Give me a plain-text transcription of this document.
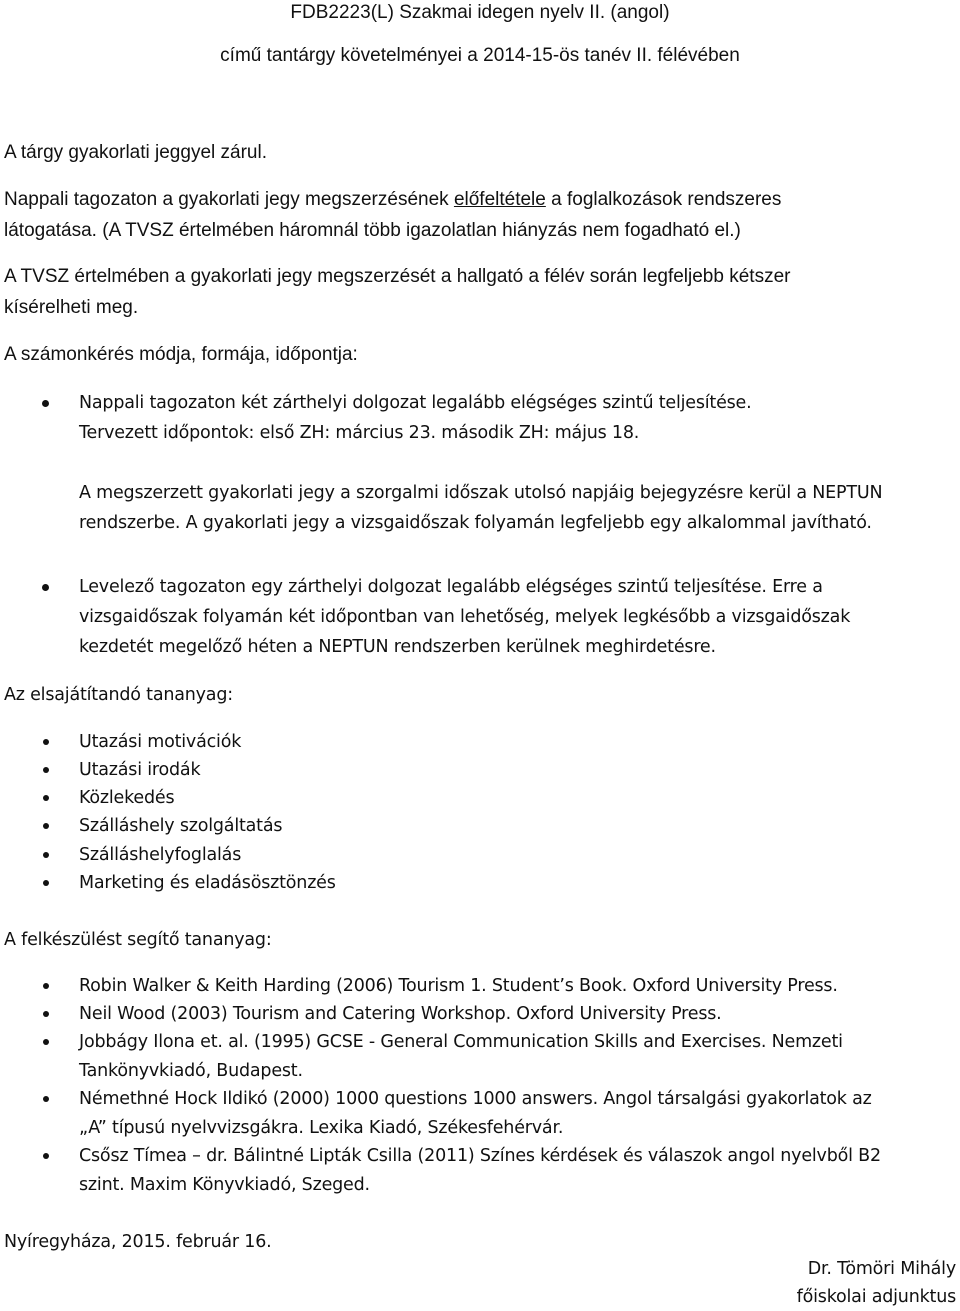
FDB2223(L) Szakmai idegen nyelv II. (angol)
című tantárgy követelményei a 2014-15-ös tanév II. félévében
A tárgy gyakorlati jeggyel zárul.
Nappali tagozaton a gyakorlati jegy megszerzésének előfeltétele a foglalkozások rendszeres
látogatása. (A TVSZ értelmében háromnál több igazolatlan hiányzás nem fogadható el.)
A TVSZ értelmében a gyakorlati jegy megszerzését a hallgató a félév során legfeljebb kétszer
kísérelheti meg.
A számonkérés módja, formája, időpontja:
Nappali tagozaton két zárthelyi dolgozat legalább elégséges szintű teljesítése.
Tervezett időpontok: első ZH: március 23. második ZH: május 18.
A megszerzett gyakorlati jegy a szorgalmi időszak utolsó napjáig bejegyzésre kerül a NEPTUN
rendszerbe. A gyakorlati jegy a vizsgaidőszak folyamán legfeljebb egy alkalommal javítható.
Levelező tagozaton egy zárthelyi dolgozat legalább elégséges szintű teljesítése. Erre a
vizsgaidőszak folyamán két időpontban van lehetőség, melyek legkésőbb a vizsgaidőszak
kezdetét megelőző héten a NEPTUN rendszerben kerülnek meghirdetésre.
Az elsajátítandó tananyag:
Utazási motivációk
Utazási irodák
Közlekedés
Szálláshely szolgáltatás
Szálláshelyfoglalás
Marketing és eladásösztönzés
A felkészülést segítő tananyag:
Robin Walker & Keith Harding (2006) Tourism 1. Student’s Book. Oxford University Press.
Neil Wood (2003) Tourism and Catering Workshop. Oxford University Press.
Jobbágy Ilona et. al. (1995) GCSE - General Communication Skills and Exercises. Nemzeti
Tankönyvkiadó, Budapest.
Némethné Hock Ildikó (2000) 1000 questions 1000 answers. Angol társalgási gyakorlatok az
„A” típusú nyelvvizsgákra. Lexika Kiadó, Székesfehérvár.
Csősz Tímea – dr. Bálintné Lipták Csilla (2011) Színes kérdések és válaszok angol nyelvből B2
szint. Maxim Könyvkiadó, Szeged.
Nyíregyháza, 2015. február 16.
Dr. Tömöri Mihály
főiskolai adjunktus
